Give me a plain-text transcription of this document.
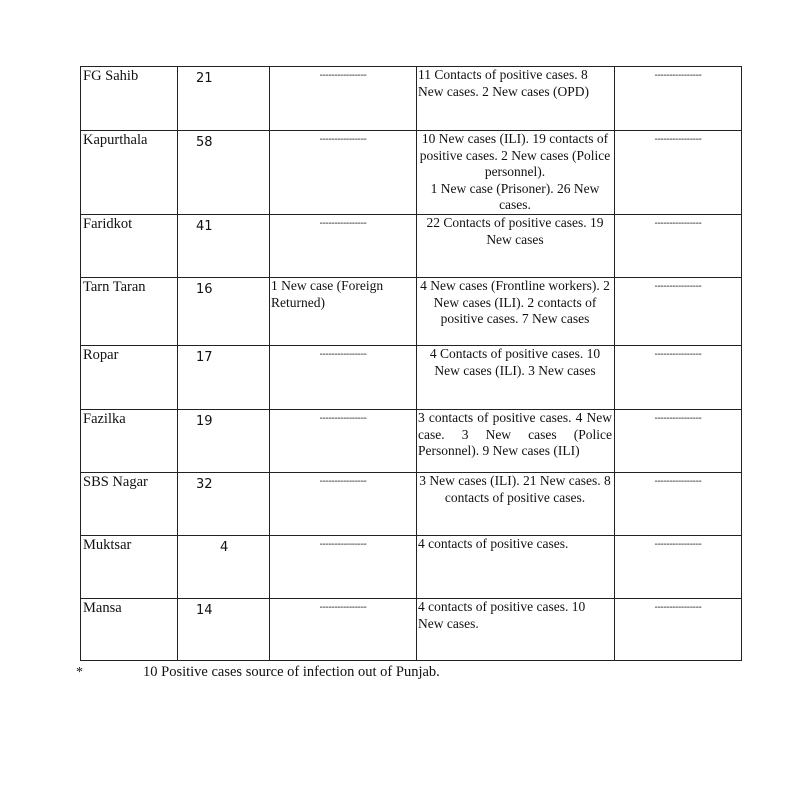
FG Sahib	21	----------------	11 Contacts of positive cases. 8 New cases. 2 New cases (OPD)	----------------

Kapurthala	58	----------------	10 New cases (ILI). 19 contacts of positive cases. 2 New cases (Police personnel).
1 New case (Prisoner). 26 New cases.	----------------

Faridkot	41	----------------	22 Contacts of positive cases. 19 New cases	----------------

Tarn Taran	16	1 New case (Foreign Returned)	4 New cases (Frontline workers). 2 New cases (ILI). 2 contacts of positive cases. 7 New cases	----------------

Ropar	17	----------------	4 Contacts of positive cases. 10 New cases (ILI). 3 New cases	----------------

Fazilka	19	----------------	3 contacts of positive cases. 4 New case. 3 New cases (Police Personnel). 9 New cases (ILI)	----------------

SBS Nagar	32	----------------	3 New cases (ILI). 21 New cases. 8 contacts of positive cases.	----------------

Muktsar	4	----------------	4 contacts of positive cases.	----------------

Mansa	14	----------------	4 contacts of positive cases. 10 New cases.	----------------
*	10 Positive cases source of infection out of Punjab.
